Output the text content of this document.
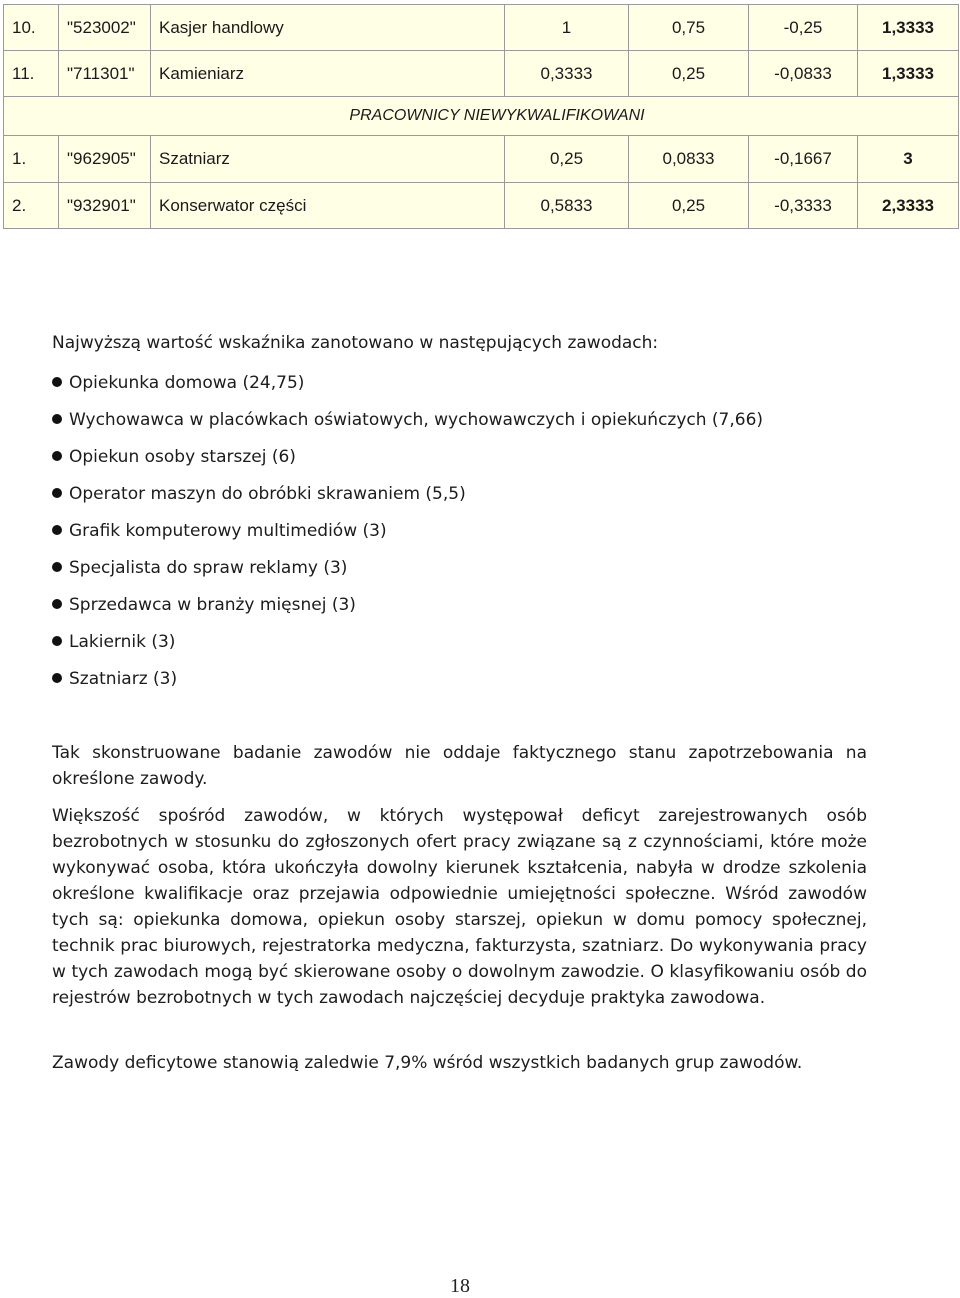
10.	"523002"	Kasjer handlowy	1	0,75	-0,25	1,3333
11.	"711301"	Kamieniarz	0,3333	0,25	-0,0833	1,3333
PRACOWNICY NIEWYKWALIFIKOWANI						
1.	"962905"	Szatniarz	0,25	0,0833	-0,1667	3
2.	"932901"	Konserwator części	0,5833	0,25	-0,3333	2,3333
Najwyższą wartość wskaźnika zanotowano w następujących zawodach:
Opiekunka domowa (24,75)
Wychowawca w placówkach oświatowych, wychowawczych i opiekuńczych (7,66)
Opiekun osoby starszej (6)
Operator maszyn do obróbki skrawaniem (5,5)
Grafik komputerowy multimediów (3)
Specjalista do spraw reklamy (3)
Sprzedawca w branży mięsnej (3)
Lakiernik (3)
Szatniarz (3)
Tak skonstruowane badanie zawodów nie oddaje faktycznego stanu zapotrzebowania na określone zawody.
Większość spośród zawodów, w których występował deficyt zarejestrowanych osób bezrobotnych w stosunku do zgłoszonych ofert pracy związane są z czynnościami, które może wykonywać osoba, która ukończyła dowolny kierunek kształcenia, nabyła w drodze szkolenia określone kwalifikacje oraz przejawia odpowiednie umiejętności społeczne. Wśród zawodów tych są: opiekunka domowa, opiekun osoby starszej, opiekun w domu pomocy społecznej, technik prac biurowych, rejestratorka medyczna, fakturzysta, szatniarz. Do wykonywania pracy w tych zawodach mogą być skierowane osoby o dowolnym zawodzie. O klasyfikowaniu osób do rejestrów bezrobotnych w tych zawodach najczęściej decyduje praktyka zawodowa.
Zawody deficytowe stanowią zaledwie 7,9% wśród wszystkich badanych grup zawodów.
18
